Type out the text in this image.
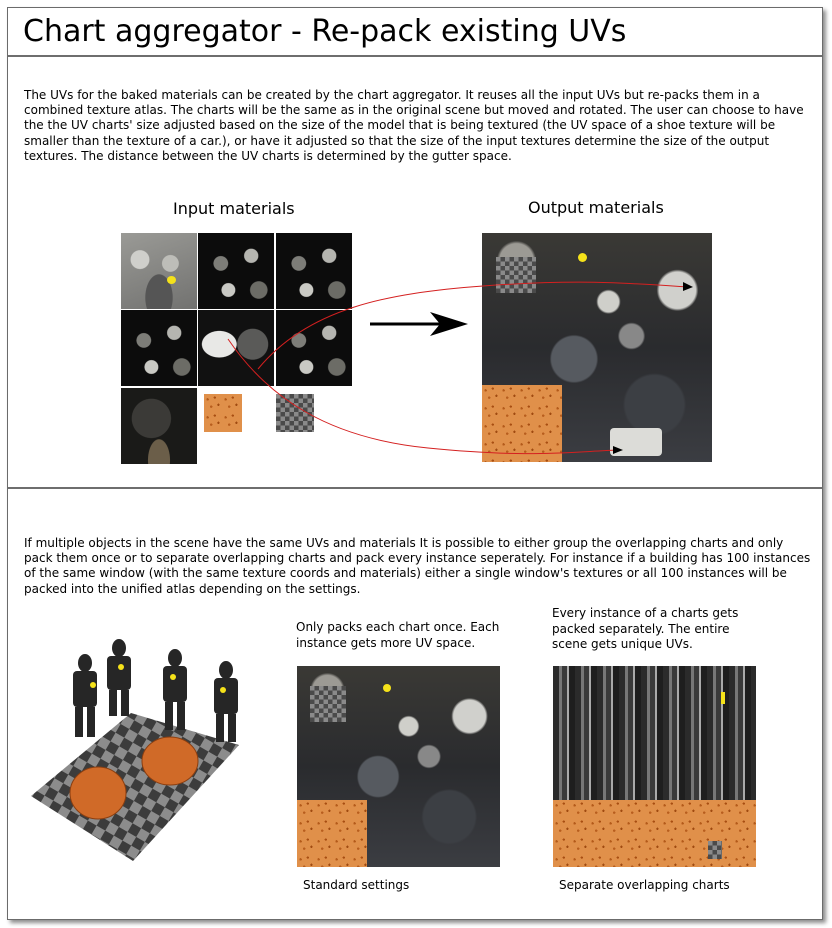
Chart aggregator - Re-pack existing UVs

The UVs for the baked materials can be created by the chart aggregator. It reuses all the input UVs but re-packs them in a combined texture atlas. The charts will be the same as in the original scene but moved and rotated. The user can choose to have the the UV charts' size adjusted based on the size of the model that is being textured (the UV space of a shoe texture will be smaller than the texture of a car.), or have it adjusted so that the size of the input textures determine the size of the output textures. The distance between the UV charts is determined by the gutter space.

Input materials	Output materials

If multiple objects in the scene have the same UVs and materials It is possible to either group the overlapping charts and only pack them once or to separate overlapping charts and pack every instance seperately. For instance if a building has 100 instances of the same window (with the same texture coords and materials) either a single window's textures or all 100 instances will be packed into the unified atlas depending on the settings.

Only packs each chart once. Each instance gets more UV space.
Every instance of a charts gets packed separately. The entire scene gets unique UVs.
Standard settings	Separate overlapping charts
